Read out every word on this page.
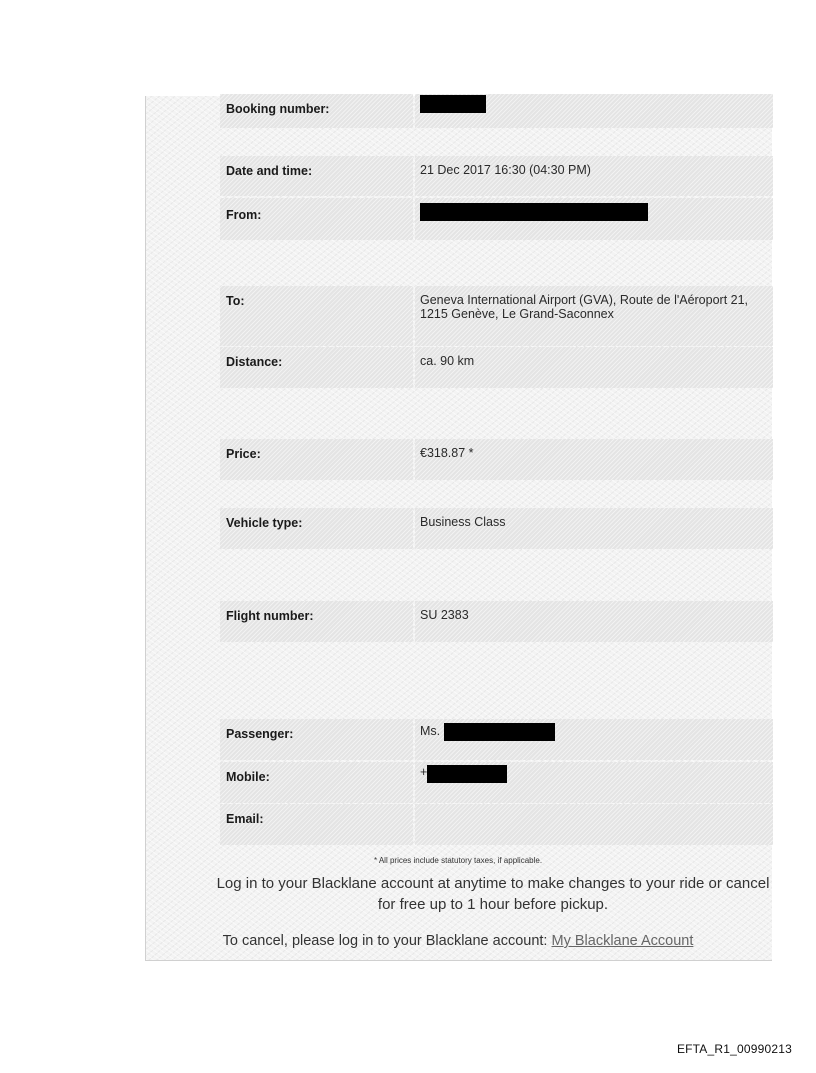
Booking number:
Date and time:	21 Dec 2017 16:30 (04:30 PM)
From:
To:	Geneva International Airport (GVA), Route de l'Aéroport 21, 1215 Genève, Le Grand-Saconnex
Distance:	ca. 90 km
Price:	€318.87 *
Vehicle type:	Business Class
Flight number:	SU 2383
Passenger:	Ms.
Mobile:	+
Email:
* All prices include statutory taxes, if applicable.
Log in to your Blacklane account at anytime to make changes to your ride or cancel for free up to 1 hour before pickup.
To cancel, please log in to your Blacklane account: My Blacklane Account
EFTA_R1_00990213
